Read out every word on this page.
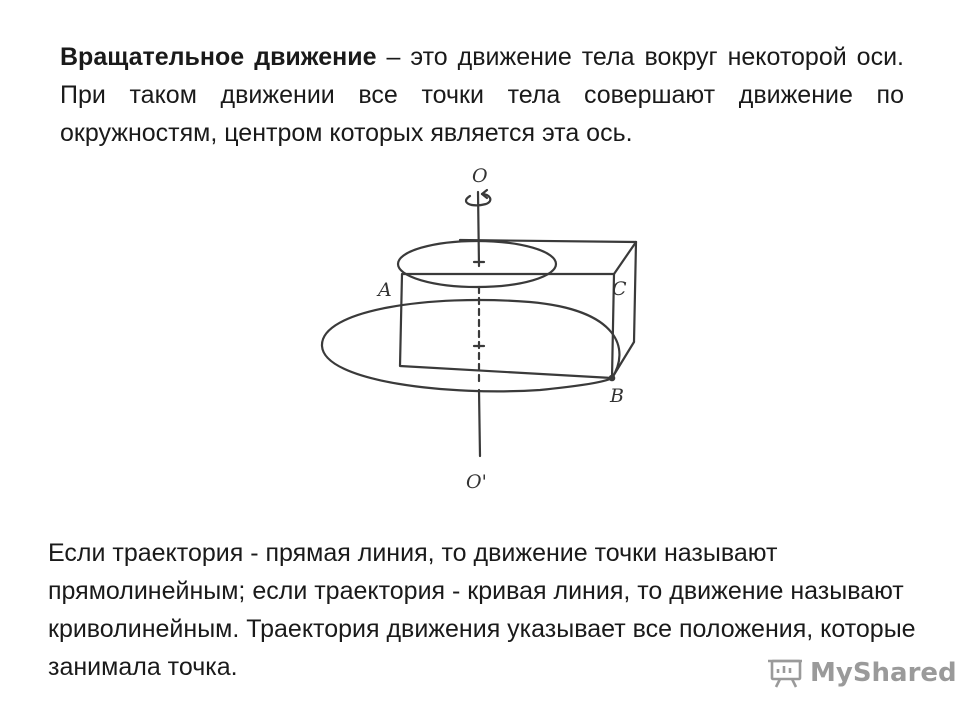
Вращательное движение – это движение тела вокруг некоторой оси. При таком движении все точки тела совершают движение по окружностям, центром которых является эта ось.

O
O'
A	C
B

Если траектория - прямая линия, то движение точки называют прямолинейным; если траектория - кривая линия, то движение называют криволинейным. Траектория движения указывает все положения, которые занимала точка.	MyShared
